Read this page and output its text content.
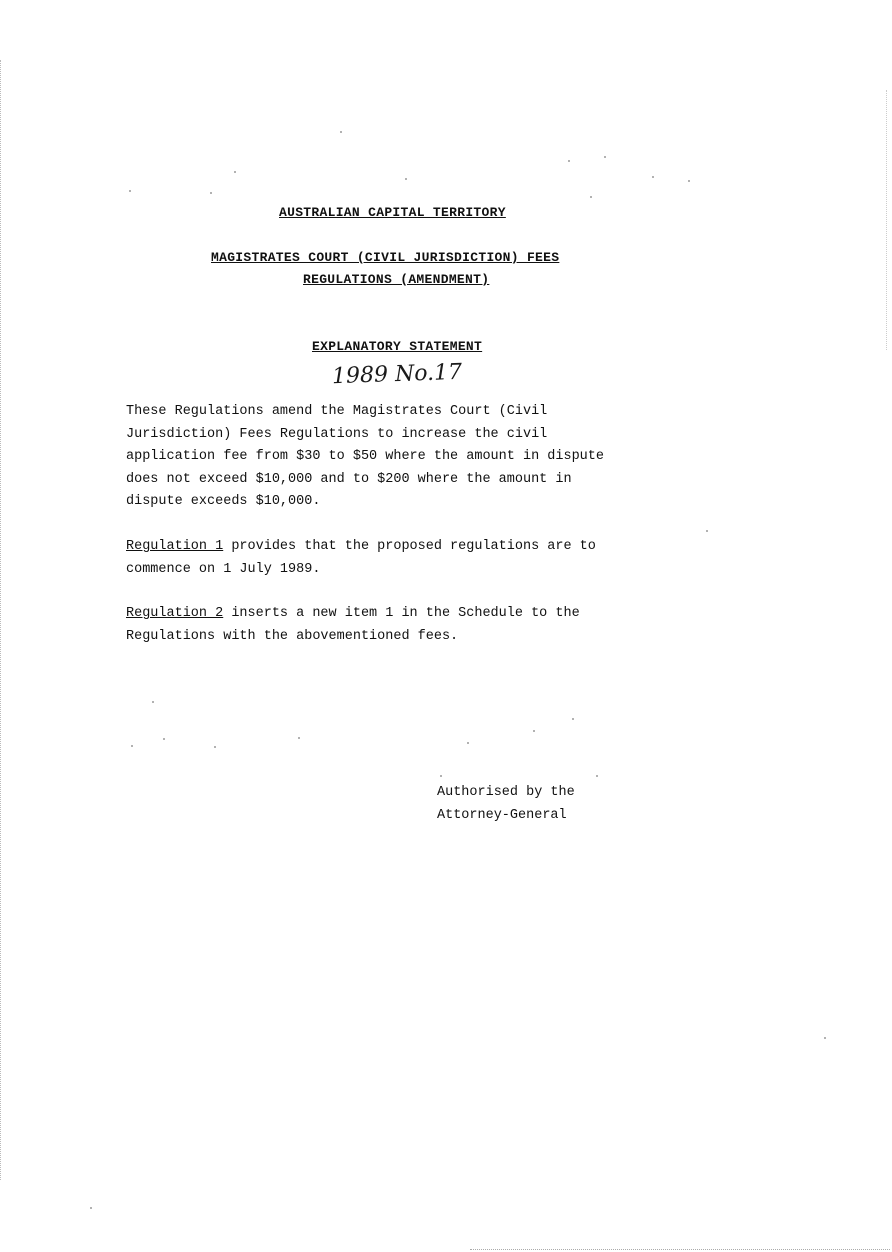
AUSTRALIAN CAPITAL TERRITORY
MAGISTRATES COURT (CIVIL JURISDICTION) FEES
REGULATIONS (AMENDMENT)
EXPLANATORY STATEMENT
1989 No.17

These Regulations amend the Magistrates Court (Civil
Jurisdiction) Fees Regulations to increase the civil
application fee from $30 to $50 where the amount in dispute
does not exceed $10,000 and to $200 where the amount in
dispute exceeds $10,000.

Regulation 1 provides that the proposed regulations are to
commence on 1 July 1989.

Regulation 2 inserts a new item 1 in the Schedule to the
Regulations with the abovementioned fees.

Authorised by the
Attorney-General
